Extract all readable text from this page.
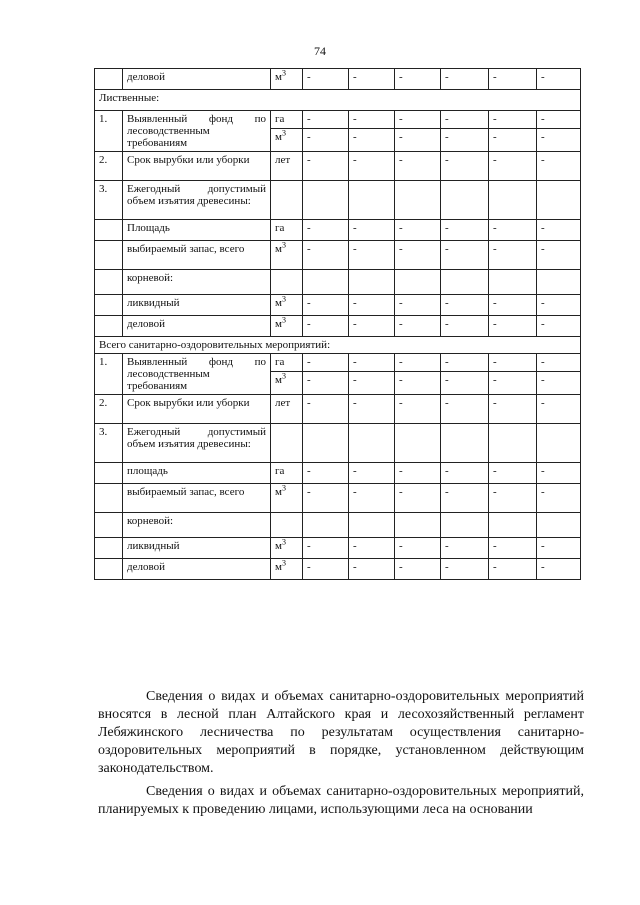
74
	деловой	$м^3$	-	-	-	-	-	-
Лиственные:								
1.	Выявленный фонд по лесоводственным требованиям	га	-	-	-	-	-	-
		$м^3$	-	-	-	-	-	-
2.	Срок вырубки или уборки	лет	-	-	-	-	-	-
3.	Ежегодный допустимый объем изъятия древесины:							
	Площадь	га	-	-	-	-	-	-
	выбираемый запас, всего	$м^3$	-	-	-	-	-	-
	корневой:							
	ликвидный	$м^3$	-	-	-	-	-	-
	деловой	$м^3$	-	-	-	-	-	-
Всего санитарно-оздоровительных мероприятий:								
1.	Выявленный фонд по лесоводственным требованиям	га	-	-	-	-	-	-
		$м^3$	-	-	-	-	-	-
2.	Срок вырубки или уборки	лет	-	-	-	-	-	-
3.	Ежегодный допустимый объем изъятия древесины:							
	площадь	га	-	-	-	-	-	-
	выбираемый запас, всего	$м^3$	-	-	-	-	-	-
	корневой:							
	ликвидный	$м^3$	-	-	-	-	-	-
	деловой	$м^3$	-	-	-	-	-	-

Сведения о видах и объемах санитарно-оздоровительных мероприятий вносятся в лесной план Алтайского края и лесохозяйственный регламент Лебяжинского лесничества по результатам осуществления санитарно-оздоровительных мероприятий в порядке, установленном действующим законодательством.

Сведения о видах и объемах санитарно-оздоровительных мероприятий, планируемых к проведению лицами, использующими леса на основании
